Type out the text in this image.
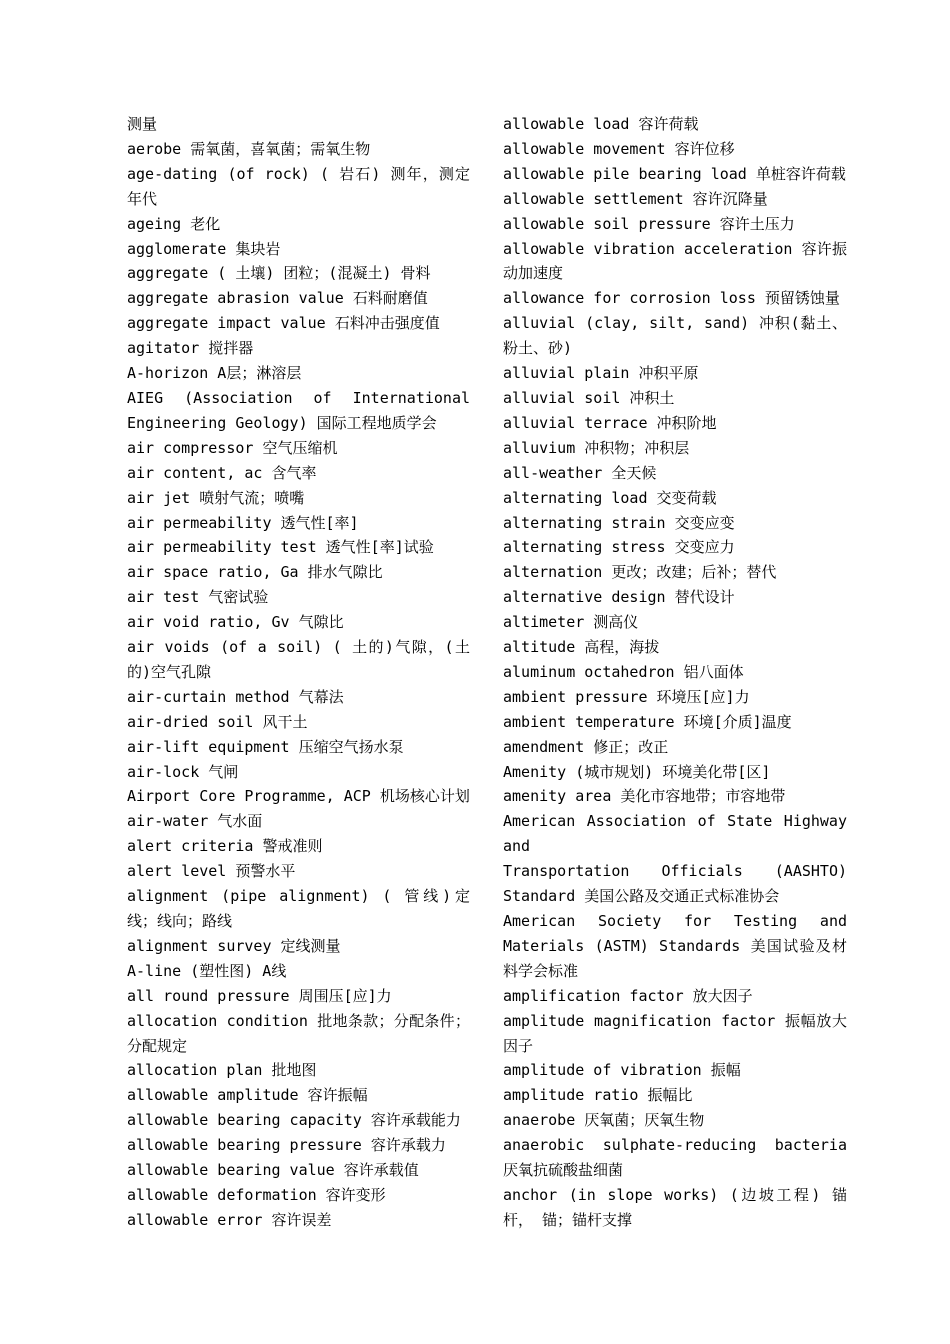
测量

aerobe 需氧菌，喜氧菌；需氧生物

age-dating (of rock) ( 岩石) 测年，测定年代

ageing 老化

agglomerate 集块岩

aggregate ( 土壤) 团粒；(混凝土) 骨料

aggregate abrasion value 石料耐磨值

aggregate impact value 石料冲击强度值

agitator 搅拌器

A-horizon A层；淋溶层

AIEG (Association of International Engineering Geology) 国际工程地质学会

air compressor 空气压缩机

air content, ac 含气率

air jet 喷射气流；喷嘴

air permeability 透气性[率]

air permeability test 透气性[率]试验

air space ratio, Ga 排水气隙比

air test 气密试验

air void ratio, Gv 气隙比

air voids (of a soil) ( 土的)气隙，(土的)空气孔隙

air-curtain method 气幕法

air-dried soil 风干土

air-lift equipment 压缩空气扬水泵

air-lock 气闸

Airport Core Programme, ACP 机场核心计划

air-water 气水面

alert criteria 警戒准则

alert level 预警水平

alignment (pipe alignment) ( 管线)定线；线向；路线

alignment survey 定线测量

A-line (塑性图) A线

all round pressure 周围压[应]力

allocation condition 批地条款；分配条件；分配规定

allocation plan 批地图

allowable amplitude 容许振幅

allowable bearing capacity 容许承载能力

allowable bearing pressure 容许承载力

allowable bearing value 容许承载值

allowable deformation 容许变形

allowable error 容许误差

allowable load 容许荷载

allowable movement 容许位移

allowable pile bearing load 单桩容许荷载

allowable settlement 容许沉降量

allowable soil pressure 容许土压力

allowable vibration acceleration 容许振动加速度

allowance for corrosion loss 预留锈蚀量

alluvial (clay, silt, sand) 冲积(黏土、粉土、砂)

alluvial plain 冲积平原

alluvial soil 冲积土

alluvial terrace 冲积阶地

alluvium 冲积物；冲积层

all-weather 全天候

alternating load 交变荷载

alternating strain 交变应变

alternating stress 交变应力

alternation 更改；改建；后补；替代

alternative design 替代设计

altimeter 测高仪

altitude 高程，海拔

aluminum octahedron 铝八面体

ambient pressure 环境压[应]力

ambient temperature 环境[介质]温度

amendment 修正；改正

Amenity (城市规划) 环境美化带[区]

amenity area 美化市容地带；市容地带

American Association of State Highway and

Transportation Officials (AASHTO) Standard 美国公路及交通正式标准协会

American Society for Testing and Materials (ASTM) Standards 美国试验及材料学会标准

amplification factor 放大因子

amplitude magnification factor 振幅放大因子

amplitude of vibration 振幅

amplitude ratio 振幅比

anaerobe 厌氧菌；厌氧生物

anaerobic sulphate-reducing bacteria 厌氧抗硫酸盐细菌

anchor (in slope works) (边坡工程) 锚杆， 锚；锚杆支撑
